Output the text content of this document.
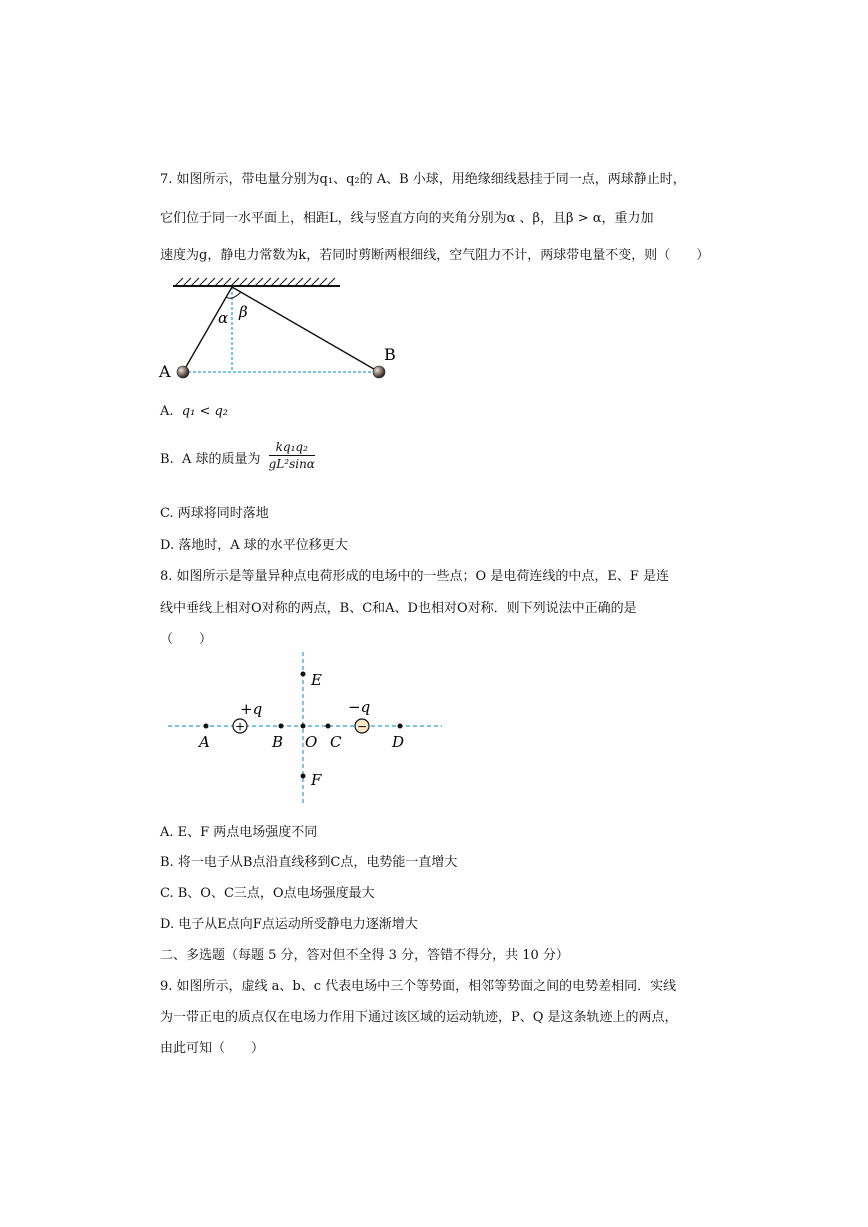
7. 如图所示，带电量分别为q₁、q₂的 A、B 小球，用绝缘细线悬挂于同一点，两球静止时，
它们位于同一水平面上，相距L，线与竖直方向的夹角分别为α 、β，且β > α，重力加
速度为g，静电力常数为k，若同时剪断两根细线，空气阻力不计，两球带电量不变，则（　　）
α β
A
B
A. q₁ < q₂
B. A 球的质量为 $\frac{\text{kq₁q₂}}{\text{gL²sinα}}$
C. 两球将同时落地
D. 落地时，A 球的水平位移更大
8. 如图所示是等量异种点电荷形成的电场中的一些点；O 是电荷连线的中点，E、F 是连
线中垂线上相对O对称的两点，B、C和A、D也相对O对称．则下列说法中正确的是
（　　）
+	−
+q	−q
E
F
A	B O C	D
A. E、F 两点电场强度不同
B. 将一电子从B点沿直线移到C点，电势能一直增大
C. B、O、C三点，O点电场强度最大
D. 电子从E点向F点运动所受静电力逐渐增大
二、多选题（每题 5 分，答对但不全得 3 分，答错不得分，共 10 分）
9. 如图所示，虚线 a、b、c 代表电场中三个等势面，相邻等势面之间的电势差相同．实线
为一带正电的质点仅在电场力作用下通过该区域的运动轨迹，P、Q 是这条轨迹上的两点，
由此可知（　　）
